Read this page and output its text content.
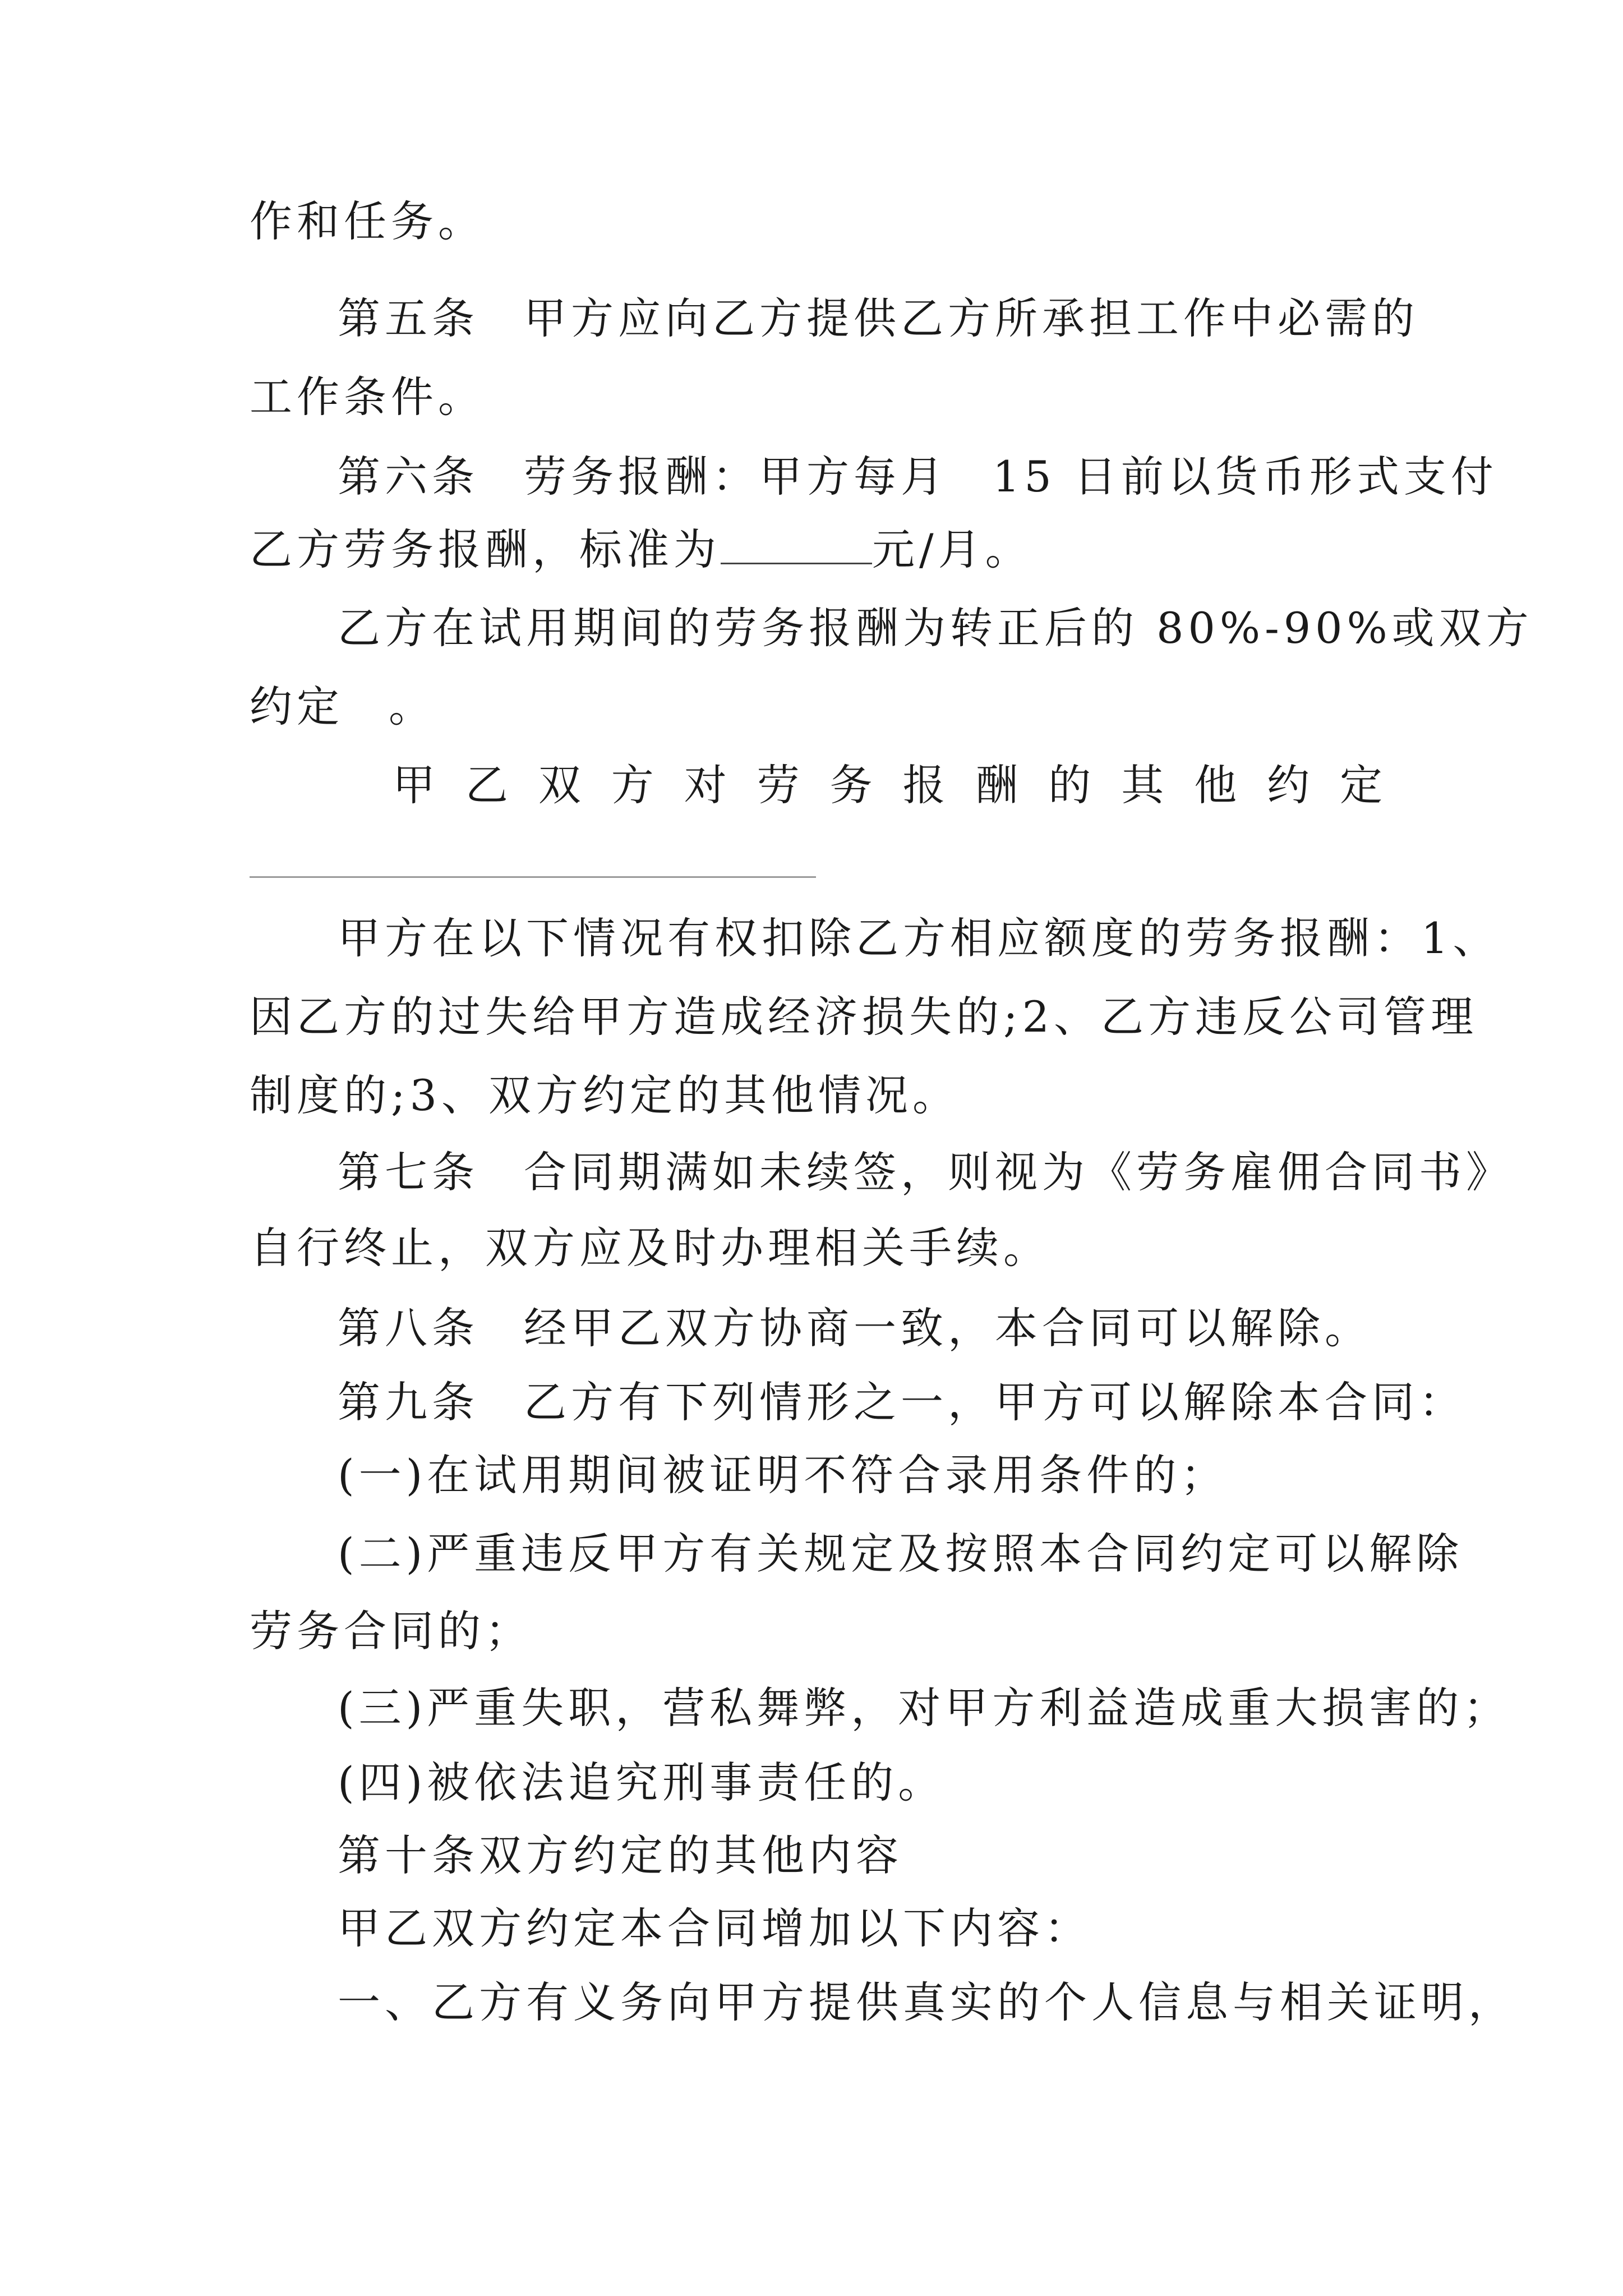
作和任务。
第五条 甲方应向乙方提供乙方所承担工作中必需的
工作条件。
第六条 劳务报酬：甲方每月 15 日前以货币形式支付
乙方劳务报酬，标准为	元/月。
乙方在试用期间的劳务报酬为转正后的 80%-90%或双方
约定 。
甲 乙 双 方 对 劳 务 报 酬 的 其 他 约 定
甲方在以下情况有权扣除乙方相应额度的劳务报酬：1、
因乙方的过失给甲方造成经济损失的;2、乙方违反公司管理
制度的;3、双方约定的其他情况。
第七条 合同期满如未续签，则视为《劳务雇佣合同书》
自行终止，双方应及时办理相关手续。
第八条 经甲乙双方协商一致，本合同可以解除。
第九条 乙方有下列情形之一，甲方可以解除本合同：
(一)在试用期间被证明不符合录用条件的；
(二)严重违反甲方有关规定及按照本合同约定可以解除
劳务合同的；
(三)严重失职，营私舞弊，对甲方利益造成重大损害的；
(四)被依法追究刑事责任的。
第十条双方约定的其他内容
甲乙双方约定本合同增加以下内容：
一、乙方有义务向甲方提供真实的个人信息与相关证明，
